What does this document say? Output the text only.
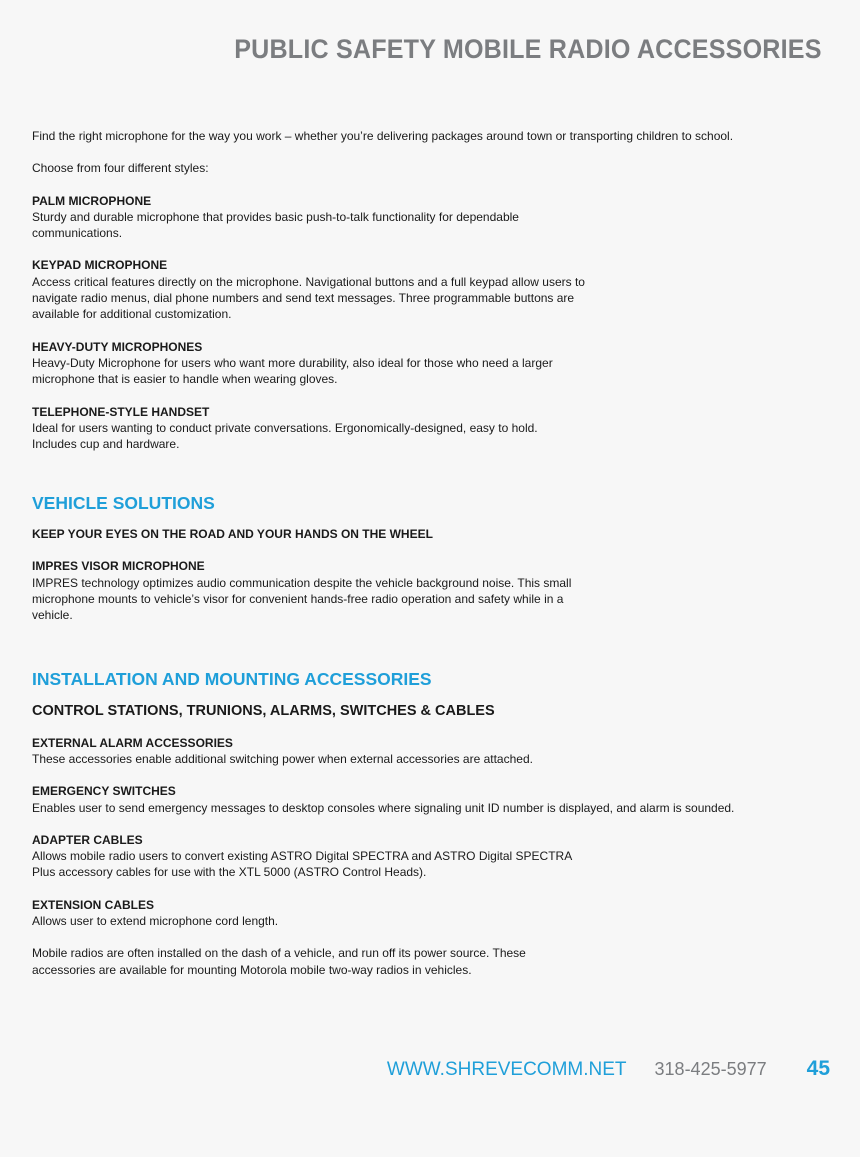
PUBLIC SAFETY MOBILE RADIO ACCESSORIES

Find the right microphone for the way you work – whether you’re delivering packages around town or transporting children to school.

Choose from four different styles:

PALM MICROPHONE

Sturdy and durable microphone that provides basic push-to-talk functionality for dependable communications.

KEYPAD MICROPHONE

Access critical features directly on the microphone. Navigational buttons and a full keypad allow users to navigate radio menus, dial phone numbers and send text messages. Three programmable buttons are available for additional customization.

HEAVY-DUTY MICROPHONES

Heavy-Duty Microphone for users who want more durability, also ideal for those who need a larger microphone that is easier to handle when wearing gloves.

TELEPHONE-STYLE HANDSET

Ideal for users wanting to conduct private conversations. Ergonomically-designed, easy to hold. Includes cup and hardware.

VEHICLE SOLUTIONS
KEEP YOUR EYES ON THE ROAD AND YOUR HANDS ON THE WHEEL
IMPRES VISOR MICROPHONE

IMPRES technology optimizes audio communication despite the vehicle background noise. This small microphone mounts to vehicle’s visor for convenient hands-free radio operation and safety while in a vehicle.

INSTALLATION AND MOUNTING ACCESSORIES
CONTROL STATIONS, TRUNIONS, ALARMS, SWITCHES & CABLES
EXTERNAL ALARM ACCESSORIES

These accessories enable additional switching power when external accessories are attached.

EMERGENCY SWITCHES

Enables user to send emergency messages to desktop consoles where signaling unit ID number is displayed, and alarm is sounded.

ADAPTER CABLES

Allows mobile radio users to convert existing ASTRO Digital SPECTRA and ASTRO Digital SPECTRA Plus accessory cables for use with the XTL 5000 (ASTRO Control Heads).

EXTENSION CABLES

Allows user to extend microphone cord length.

Mobile radios are often installed on the dash of a vehicle, and run off its power source. These accessories are available for mounting Motorola mobile two-way radios in vehicles.

WWW.SHREVECOMM.NET 318-425-5977 45
